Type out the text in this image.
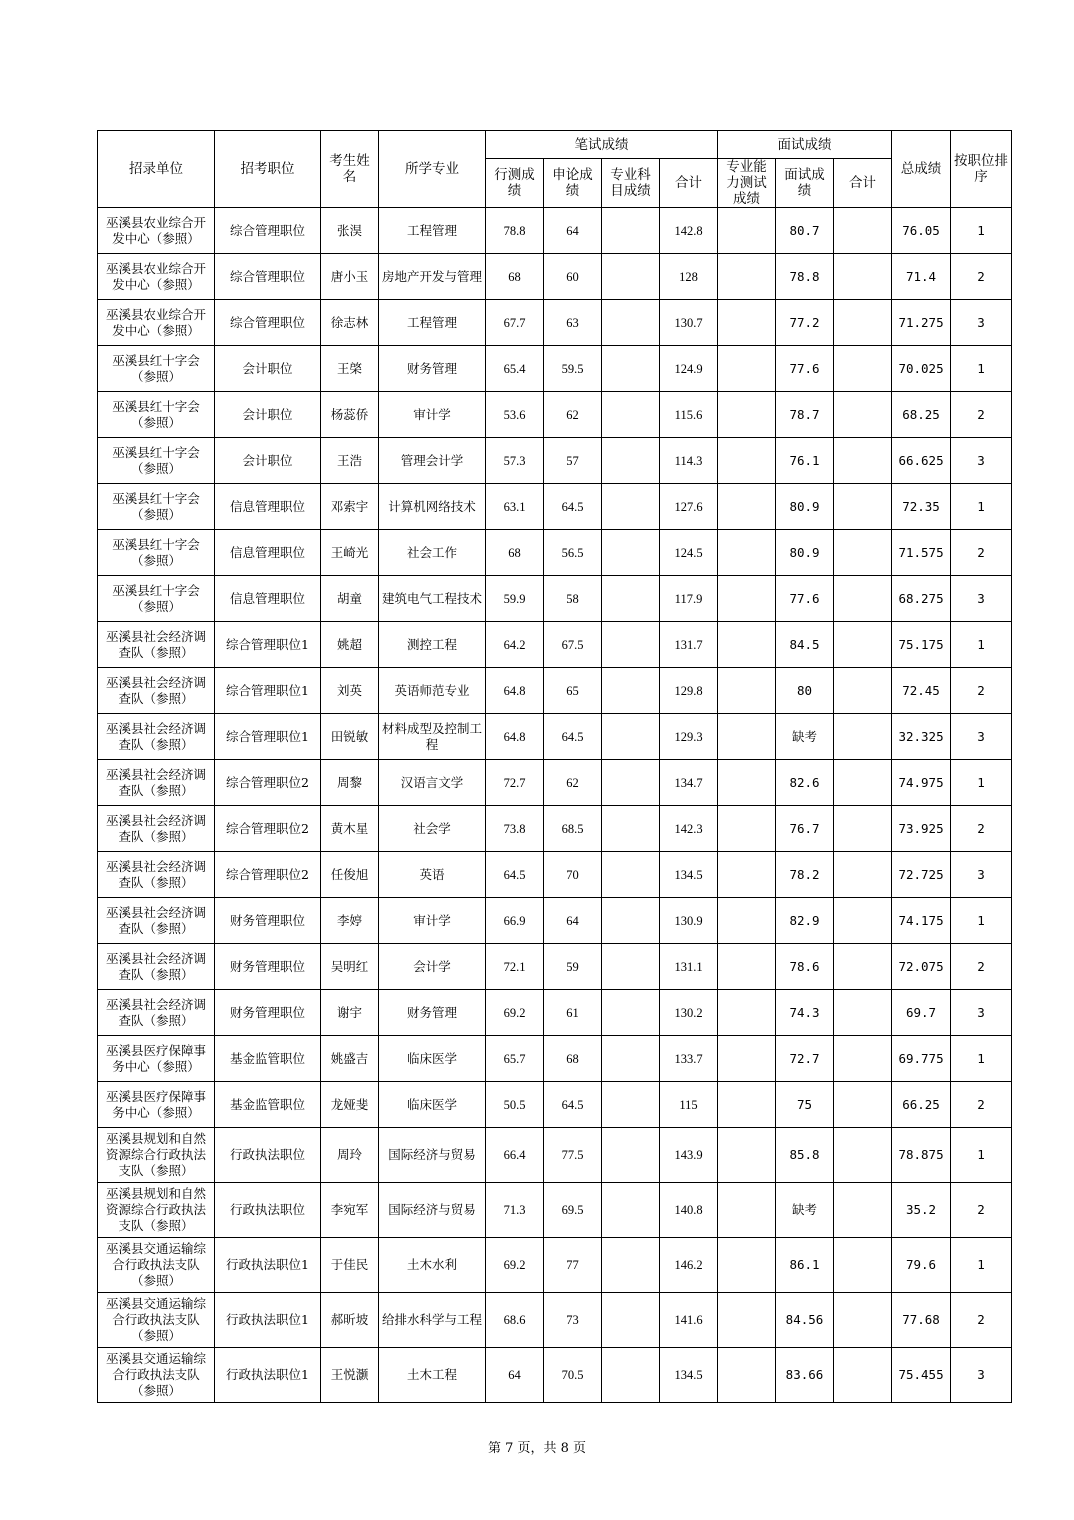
招录单位	招考职位	考生姓名	所学专业	笔试成绩				面试成绩			总成绩	按职位排序
				行测成绩	申论成绩	专业科目成绩	合计	专业能力测试成绩	面试成绩	合计		
巫溪县农业综合开发中心（参照）	综合管理职位	张淏	工程管理	78.8	64		142.8		80.7		76.05	1
巫溪县农业综合开发中心（参照）	综合管理职位	唐小玉	房地产开发与管理	68	60		128		78.8		71.4	2
巫溪县农业综合开发中心（参照）	综合管理职位	徐志林	工程管理	67.7	63		130.7		77.2		71.275	3
巫溪县红十字会（参照）	会计职位	王棨	财务管理	65.4	59.5		124.9		77.6		70.025	1
巫溪县红十字会（参照）	会计职位	杨蕊侨	审计学	53.6	62		115.6		78.7		68.25	2
巫溪县红十字会（参照）	会计职位	王浩	管理会计学	57.3	57		114.3		76.1		66.625	3
巫溪县红十字会（参照）	信息管理职位	邓索宇	计算机网络技术	63.1	64.5		127.6		80.9		72.35	1
巫溪县红十字会（参照）	信息管理职位	王崎光	社会工作	68	56.5		124.5		80.9		71.575	2
巫溪县红十字会（参照）	信息管理职位	胡童	建筑电气工程技术	59.9	58		117.9		77.6		68.275	3
巫溪县社会经济调查队（参照）	综合管理职位1	姚超	测控工程	64.2	67.5		131.7		84.5		75.175	1
巫溪县社会经济调查队（参照）	综合管理职位1	刘英	英语师范专业	64.8	65		129.8		80		72.45	2
巫溪县社会经济调查队（参照）	综合管理职位1	田锐敏	材料成型及控制工程	64.8	64.5		129.3		缺考		32.325	3
巫溪县社会经济调查队（参照）	综合管理职位2	周黎	汉语言文学	72.7	62		134.7		82.6		74.975	1
巫溪县社会经济调查队（参照）	综合管理职位2	黄木星	社会学	73.8	68.5		142.3		76.7		73.925	2
巫溪县社会经济调查队（参照）	综合管理职位2	任俊旭	英语	64.5	70		134.5		78.2		72.725	3
巫溪县社会经济调查队（参照）	财务管理职位	李婷	审计学	66.9	64		130.9		82.9		74.175	1
巫溪县社会经济调查队（参照）	财务管理职位	吴明红	会计学	72.1	59		131.1		78.6		72.075	2
巫溪县社会经济调查队（参照）	财务管理职位	谢宇	财务管理	69.2	61		130.2		74.3		69.7	3
巫溪县医疗保障事务中心（参照）	基金监管职位	姚盛吉	临床医学	65.7	68		133.7		72.7		69.775	1
巫溪县医疗保障事务中心（参照）	基金监管职位	龙娅斐	临床医学	50.5	64.5		115		75		66.25	2
巫溪县规划和自然资源综合行政执法支队（参照）	行政执法职位	周玲	国际经济与贸易	66.4	77.5		143.9		85.8		78.875	1
巫溪县规划和自然资源综合行政执法支队（参照）	行政执法职位	李宛军	国际经济与贸易	71.3	69.5		140.8		缺考		35.2	2
巫溪县交通运输综合行政执法支队（参照）	行政执法职位1	于佳民	土木水利	69.2	77		146.2		86.1		79.6	1
巫溪县交通运输综合行政执法支队（参照）	行政执法职位1	郝昕坡	给排水科学与工程	68.6	73		141.6		84.56		77.68	2
巫溪县交通运输综合行政执法支队（参照）	行政执法职位1	王悦灏	土木工程	64	70.5		134.5		83.66		75.455	3
第 7 页，共 8 页
